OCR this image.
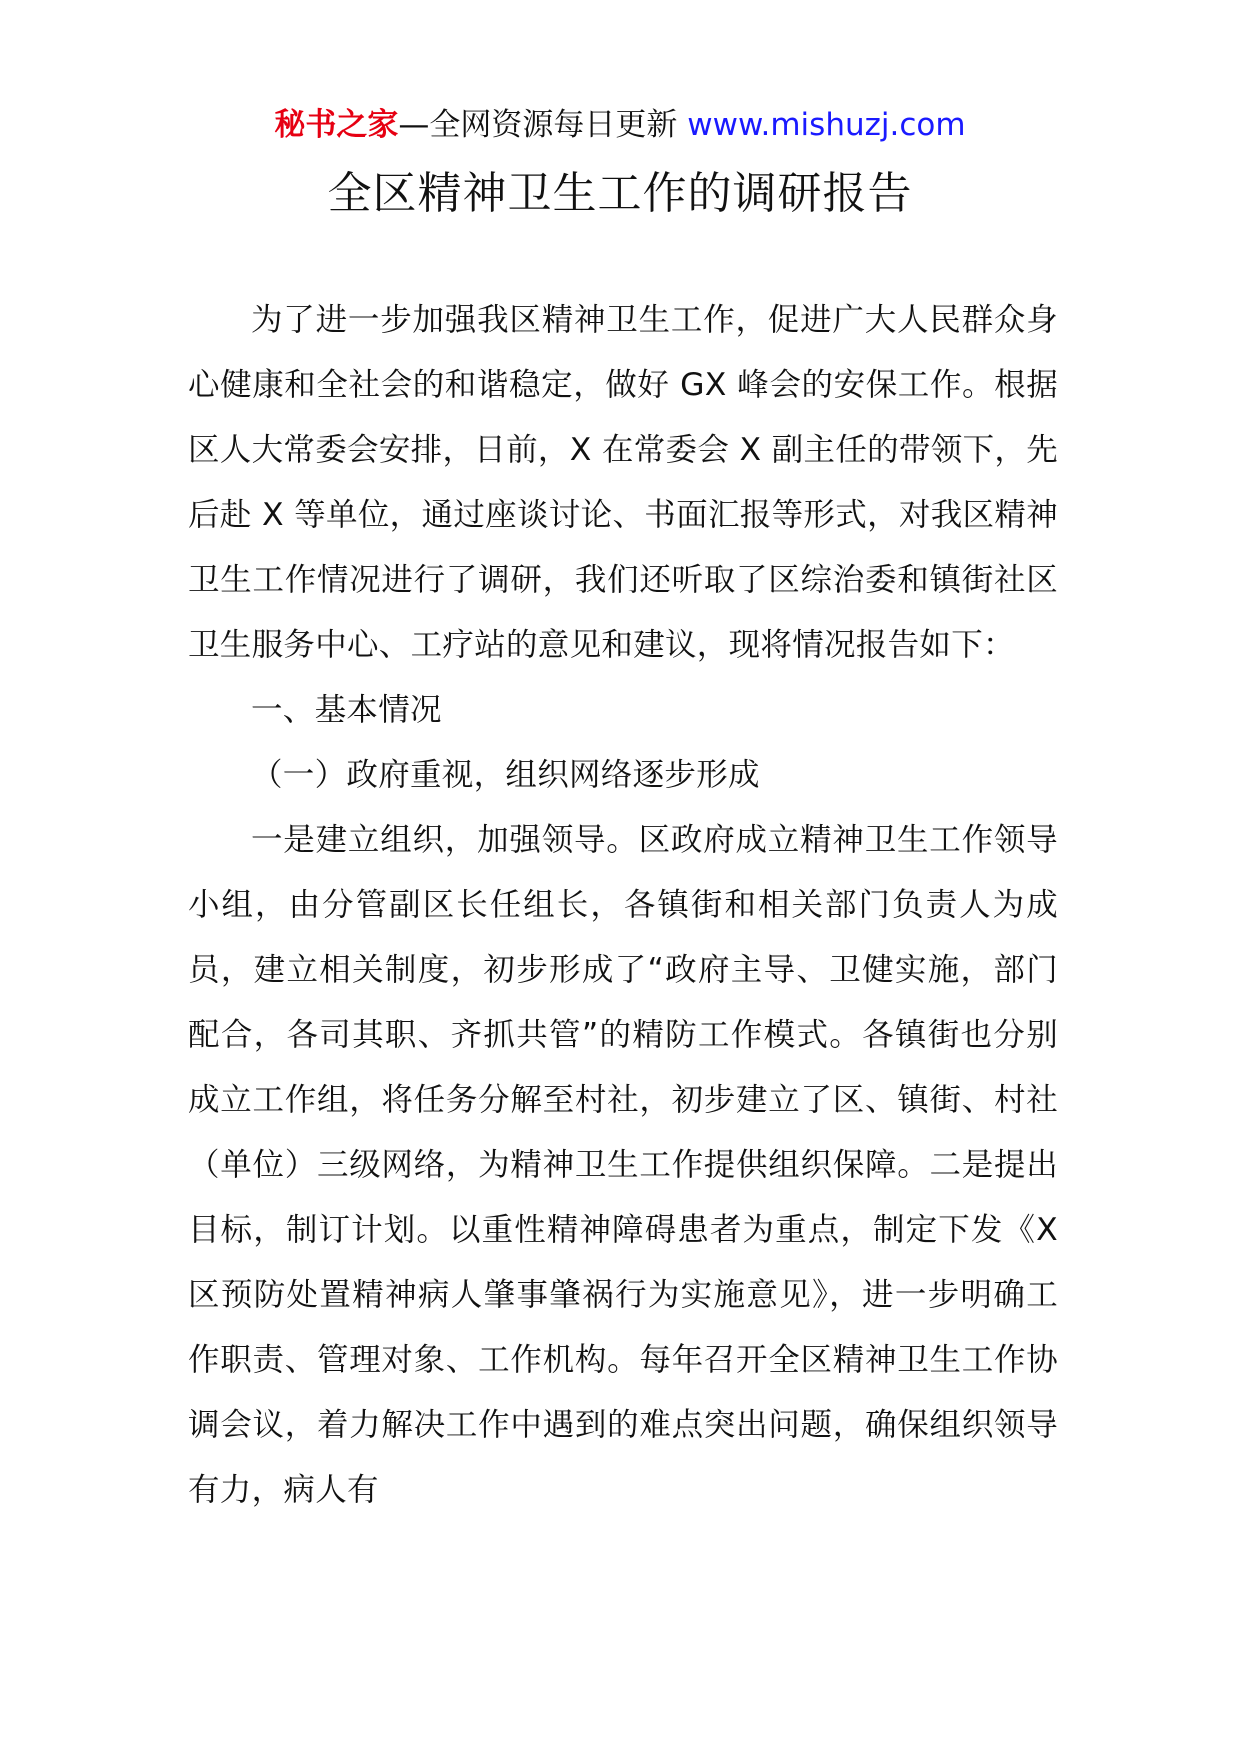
秘书之家—全网资源每日更新 www.mishuzj.com
全区精神卫生工作的调研报告

为了进一步加强我区精神卫生工作，促进广大人民群众身心健康和全社会的和谐稳定，做好 GX 峰会的安保工作。根据区人大常委会安排，日前，X 在常委会 X 副主任的带领下，先后赴 X 等单位，通过座谈讨论、书面汇报等形式，对我区精神卫生工作情况进行了调研，我们还听取了区综治委和镇街社区卫生服务中心、工疗站的意见和建议，现将情况报告如下：

一、基本情况

（一）政府重视，组织网络逐步形成

一是建立组织，加强领导。区政府成立精神卫生工作领导小组，由分管副区长任组长，各镇街和相关部门负责人为成员，建立相关制度，初步形成了“政府主导、卫健实施，部门配合，各司其职、齐抓共管”的精防工作模式。各镇街也分别成立工作组，将任务分解至村社，初步建立了区、镇街、村社（单位）三级网络，为精神卫生工作提供组织保障。二是提出目标，制订计划。以重性精神障碍患者为重点，制定下发《X 区预防处置精神病人肇事肇祸行为实施意见》，进一步明确工作职责、管理对象、工作机构。每年召开全区精神卫生工作协调会议，着力解决工作中遇到的难点突出问题，确保组织领导有力，病人有
